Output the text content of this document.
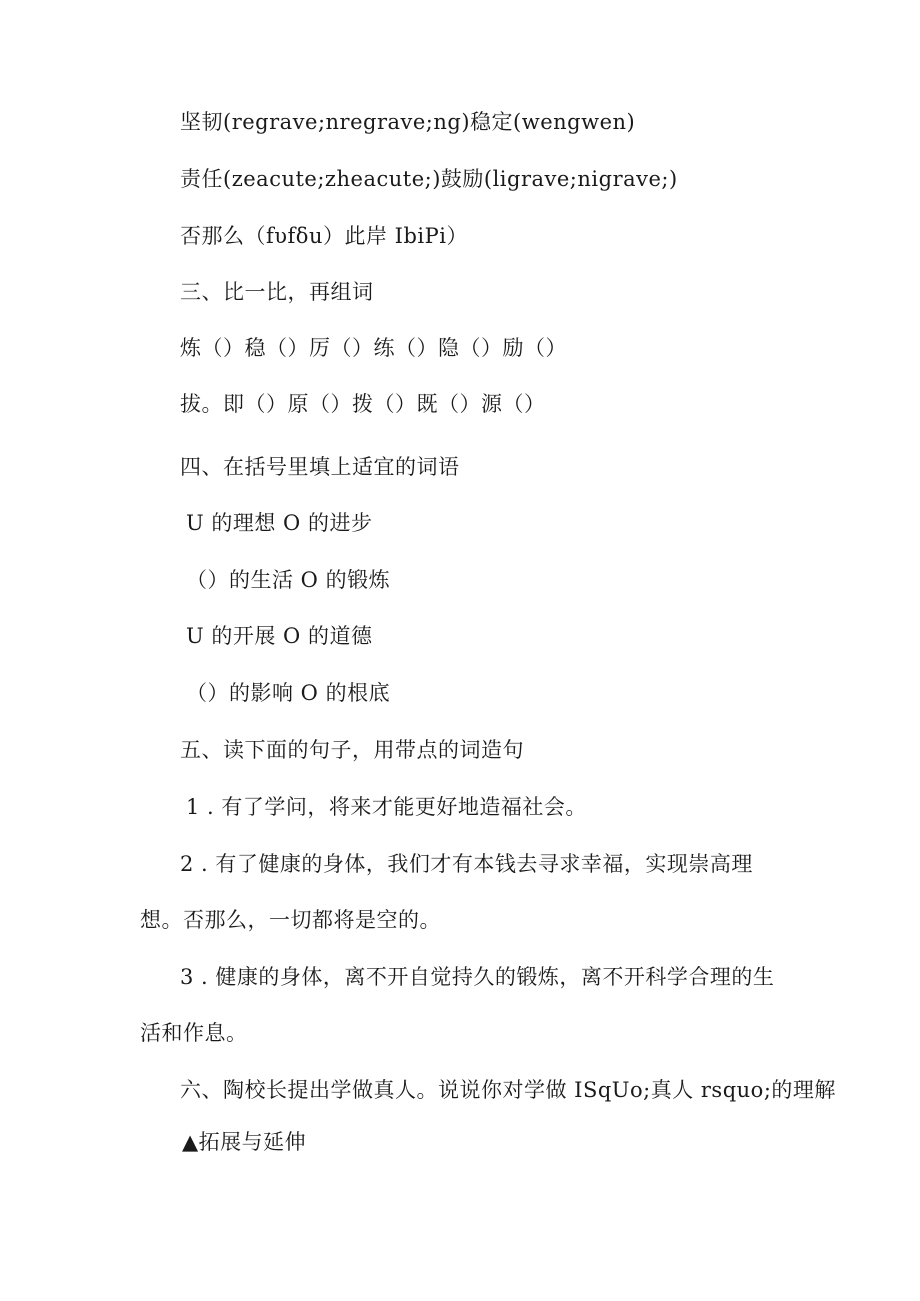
坚韧(regrave;nregrave;ng)稳定(wengwen)
责任(zeacute;zheacute;)鼓励(ligrave;nigrave;)
否那么（fυfδu）此岸 IbiPi）
三、比一比，再组词
炼（）稳（）厉（）练（）隐（）励（）
拔。即（）原（）拨（）既（）源（）
四、在括号里填上适宜的词语
U 的理想 O 的进步
（）的生活 O 的锻炼
U 的开展 O 的道德
（）的影响 O 的根底
五、读下面的句子，用带点的词造句
1 . 有了学问，将来才能更好地造福社会。
2 . 有了健康的身体，我们才有本钱去寻求幸福，实现崇高理
想。否那么，一切都将是空的。
3 . 健康的身体，离不开自觉持久的锻炼，离不开科学合理的生
活和作息。
六、陶校长提出学做真人。说说你对学做 ISqUo;真人 rsquo;的理解
▲拓展与延伸
